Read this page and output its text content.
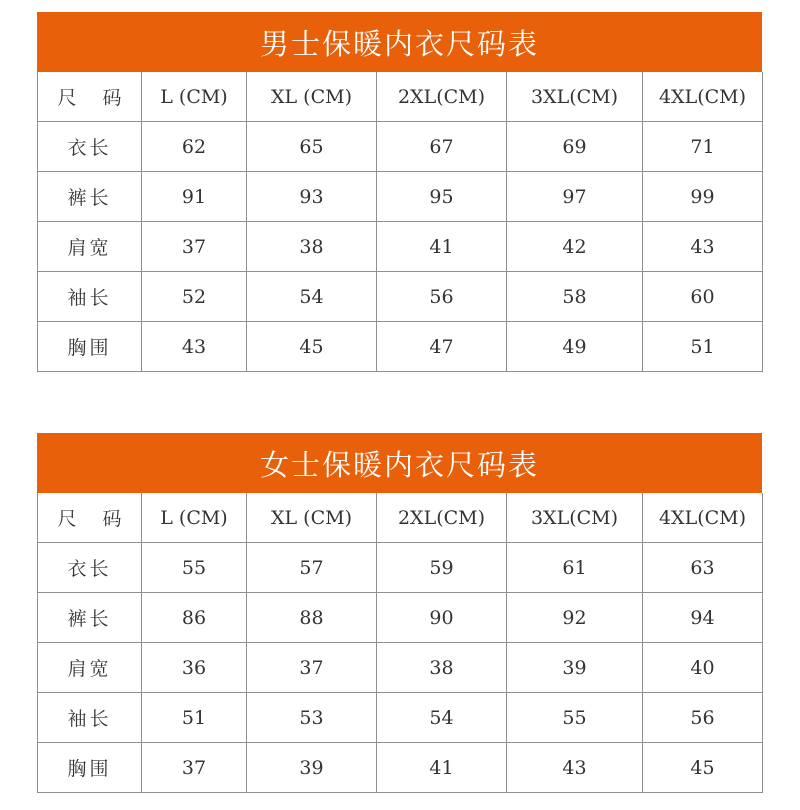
男士保暖内衣尺码表
尺 码	L (CM)	XL (CM)	2XL(CM)	3XL(CM)	4XL(CM)
衣长	62	65	67	69	71
裤长	91	93	95	97	99
肩宽	37	38	41	42	43
袖长	52	54	56	58	60
胸围	43	45	47	49	51
女士保暖内衣尺码表
尺 码	L (CM)	XL (CM)	2XL(CM)	3XL(CM)	4XL(CM)
衣长	55	57	59	61	63
裤长	86	88	90	92	94
肩宽	36	37	38	39	40
袖长	51	53	54	55	56
胸围	37	39	41	43	45
